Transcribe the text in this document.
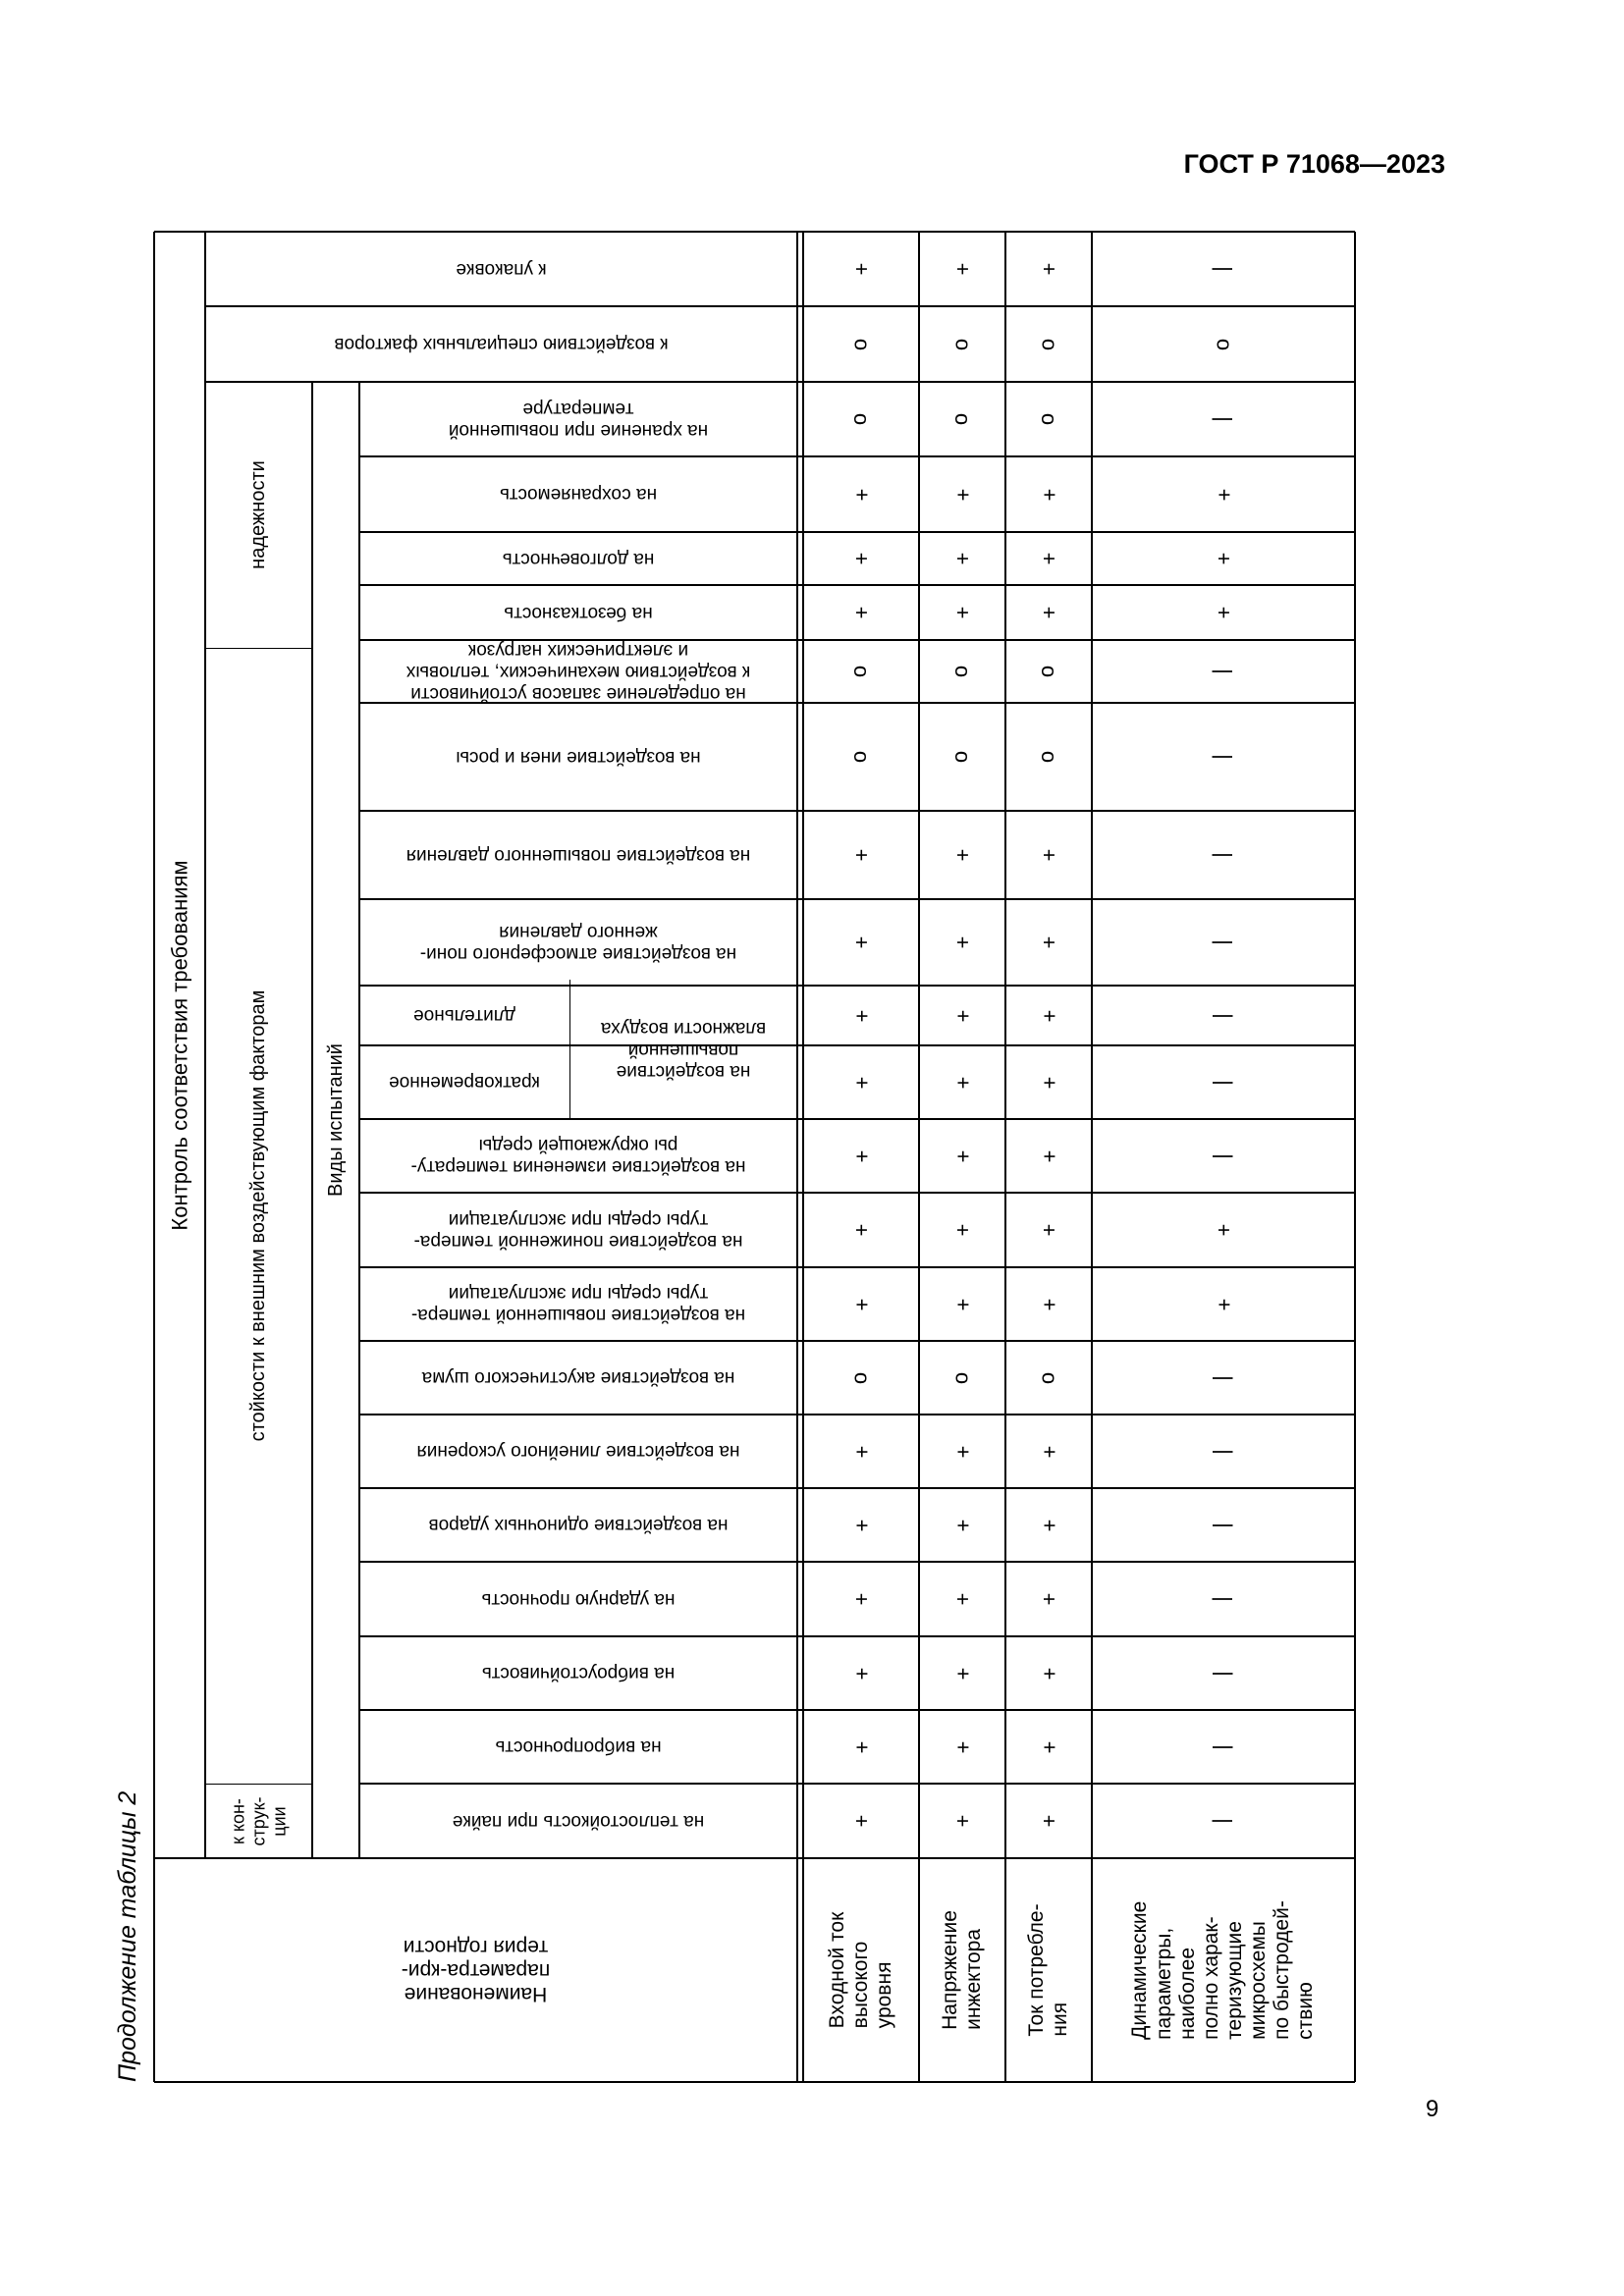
ГОСТ Р 71068—2023
Продолжение таблицы 2
9
Контроль соответствия требованиям
к кон-
струк-
ции
стойкости к внешним воздействующим факторам
надежности
Виды испытаний
Наименование
параметра-кри-
терия годности
на воздействие
повышенной
влажности воздуха
к упаковке
к воздействию специальных факторов
на хранение при повышенной
температуре
на сохраняемость
на долговечность
на безотказность
на определение запасов устойчивости
к воздействию механических, тепловых
и электрических нагрузок
на воздействие инея и росы
на воздействие повышенного давления
на воздействие атмосферного пони-
женного давления
длительное
кратковременное
на воздействие изменения температу-
ры окружающей среды
на воздействие пониженной темпера-
туры среды при эксплуатации
на воздействие повышенной темпера-
туры среды при эксплуатации
на воздействие акустического шума
на воздействие линейного ускорения
на воздействие одиночных ударов
на ударную прочность
на виброустойчивость
на вибропрочность
на теплостойкость при пайке
Входной ток
высокого
уровня
+
+
+
+
+
+
о
+
+
+
+
+
+
+
о
о
+
+
+
о
о
+
Напряжение
инжектора
+
+
+
+
+
+
о
+
+
+
+
+
+
+
о
о
+
+
+
о
о
+
Ток потребле-
ния
+
+
+
+
+
+
о
+
+
+
+
+
+
+
о
о
+
+
+
о
о
+
Динамические
параметры,
наиболее
полно харак-
теризующие
микросхемы
по быстродей-
ствию
|
|
|
|
|
|
|
+
+
|
|
|
|
|
|
|
+
+
+
|
о
|
